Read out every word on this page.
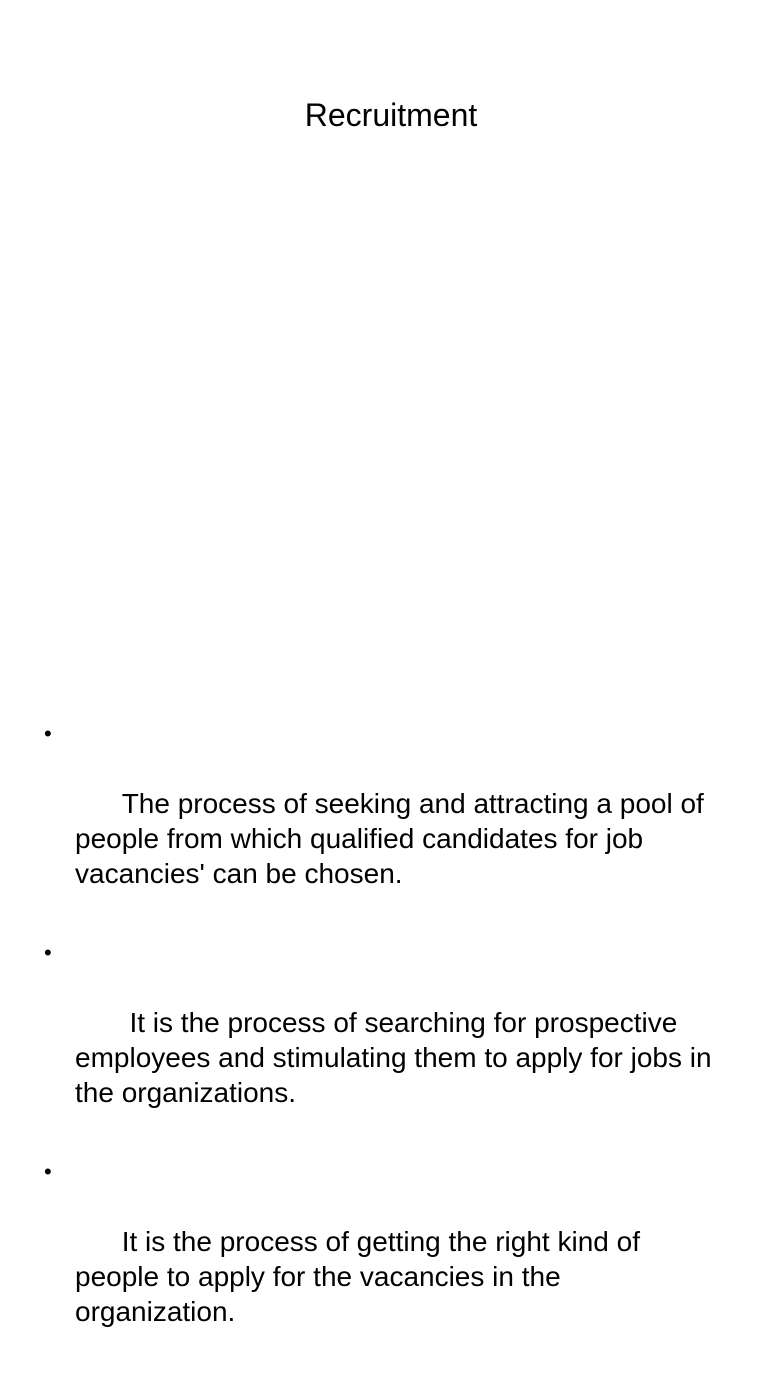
Recruitment

•

The process of seeking and attracting a pool of people from which qualified candidates for job vacancies' can be chosen.

•

It is the process of searching for prospective employees and stimulating them to apply for jobs in the organizations.

•

It is the process of getting the right kind of people to apply for the vacancies in the organization.
